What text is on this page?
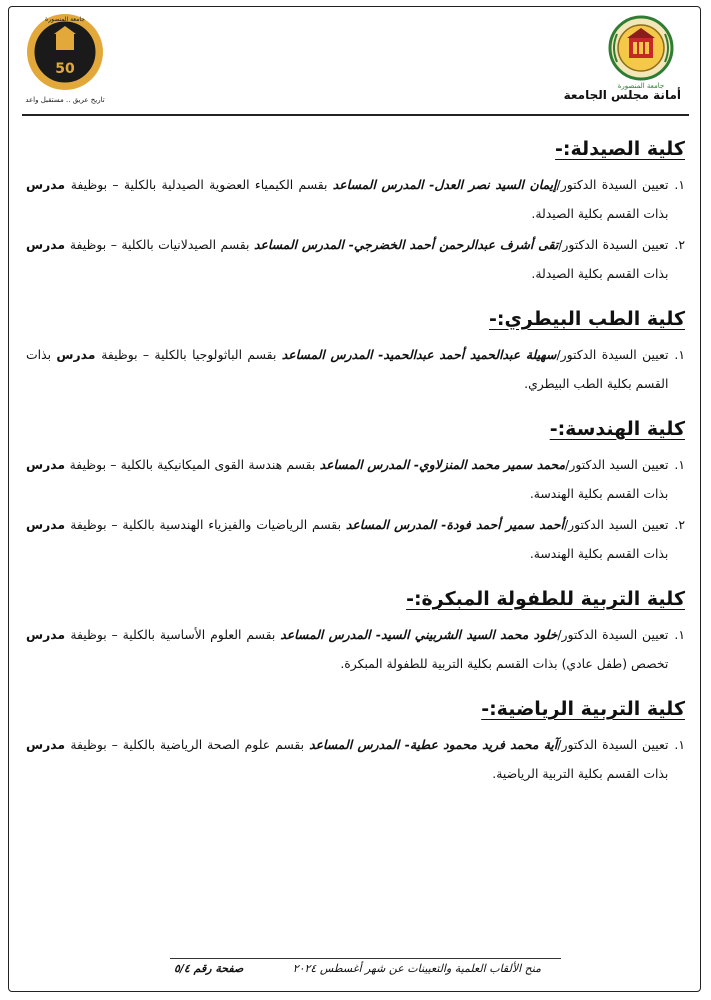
جامعة المنصورة
أمانة مجلس الجامعة
50
جامعة المنصورة
تاريخ عريق .. مستقبل واعد
كلية الصيدلة:-
١.
تعيين السيدة الدكتور/إيمان السيد نصر العدل- المدرس المساعد بقسم الكيمياء العضوية الصيدلية بالكلية – بوظيفة مدرس بذات القسم بكلية الصيدلة.
٢.
تعيين السيدة الدكتور/تقى أشرف عبدالرحمن أحمد الخضرجي- المدرس المساعد بقسم الصيدلانيات بالكلية – بوظيفة مدرس بذات القسم بكلية الصيدلة.
كلية الطب البيطري:-
١.
تعيين السيدة الدكتور/سهيلة عبدالحميد أحمد عبدالحميد- المدرس المساعد بقسم الباثولوجيا بالكلية – بوظيفة مدرس بذات القسم بكلية الطب البيطري.
كلية الهندسة:-
١.
تعيين السيد الدكتور/محمد سمير محمد المنزلاوي- المدرس المساعد بقسم هندسة القوى الميكانيكية بالكلية – بوظيفة مدرس بذات القسم بكلية الهندسة.
٢.
تعيين السيد الدكتور/أحمد سمير أحمد فودة- المدرس المساعد بقسم الرياضيات والفيزياء الهندسية بالكلية – بوظيفة مدرس بذات القسم بكلية الهندسة.
كلية التربية للطفولة المبكرة:-
١.
تعيين السيدة الدكتور/خلود محمد السيد الشربيني السيد- المدرس المساعد بقسم العلوم الأساسية بالكلية – بوظيفة مدرس تخصص (طفل عادي) بذات القسم بكلية التربية للطفولة المبكرة.
كلية التربية الرياضية:-
١.
تعيين السيدة الدكتور/آية محمد فريد محمود عطية- المدرس المساعد بقسم علوم الصحة الرياضية بالكلية – بوظيفة مدرس بذات القسم بكلية التربية الرياضية.
منح الألقاب العلمية والتعيينات عن شهر أغسطس ٢٠٢٤
صفحة رقم ٥/٤
